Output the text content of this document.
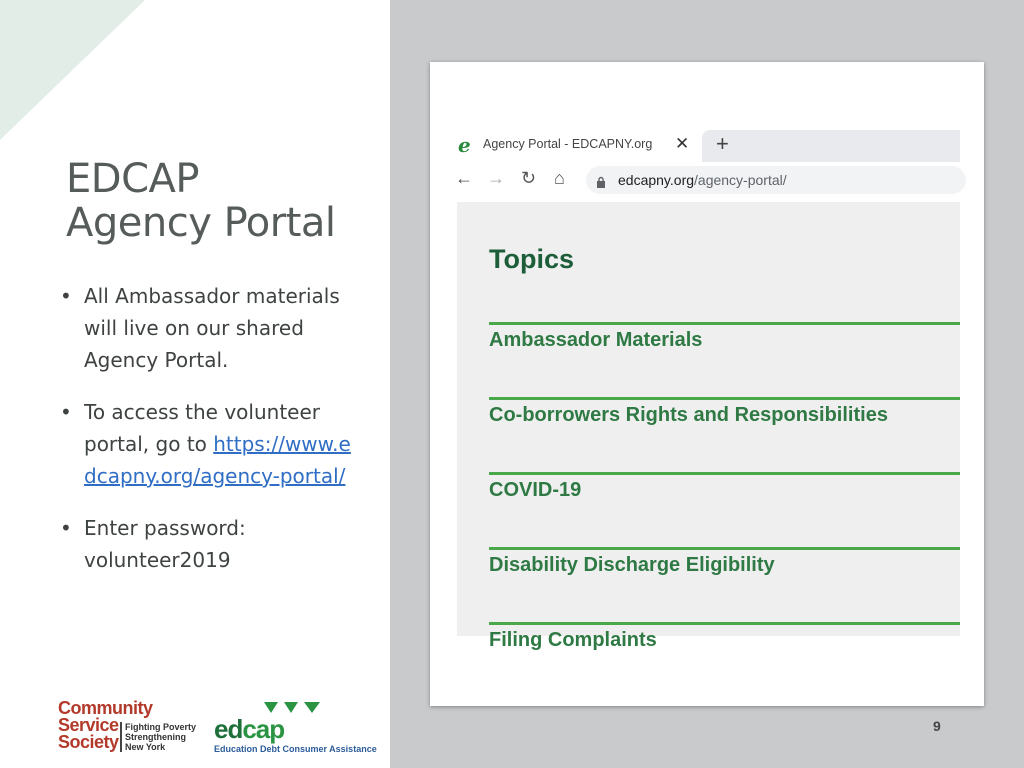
EDCAP
Agency Portal
• All Ambassador materials will live on our shared Agency Portal.
• To access the volunteer portal, go to https://www.edcapny.org/agency-portal/
• Enter password: volunteer2019
Community
Service
Society
Fighting Poverty
Strengthening
New York
edcap
Education Debt Consumer Assistance
e Agency Portal - EDCAPNY.org ✕ +
← → ↻ ⌂	edcapny.org/agency-portal/
Topics
Ambassador Materials
Co-borrowers Rights and Responsibilities
COVID-19
Disability Discharge Eligibility
Filing Complaints
9
